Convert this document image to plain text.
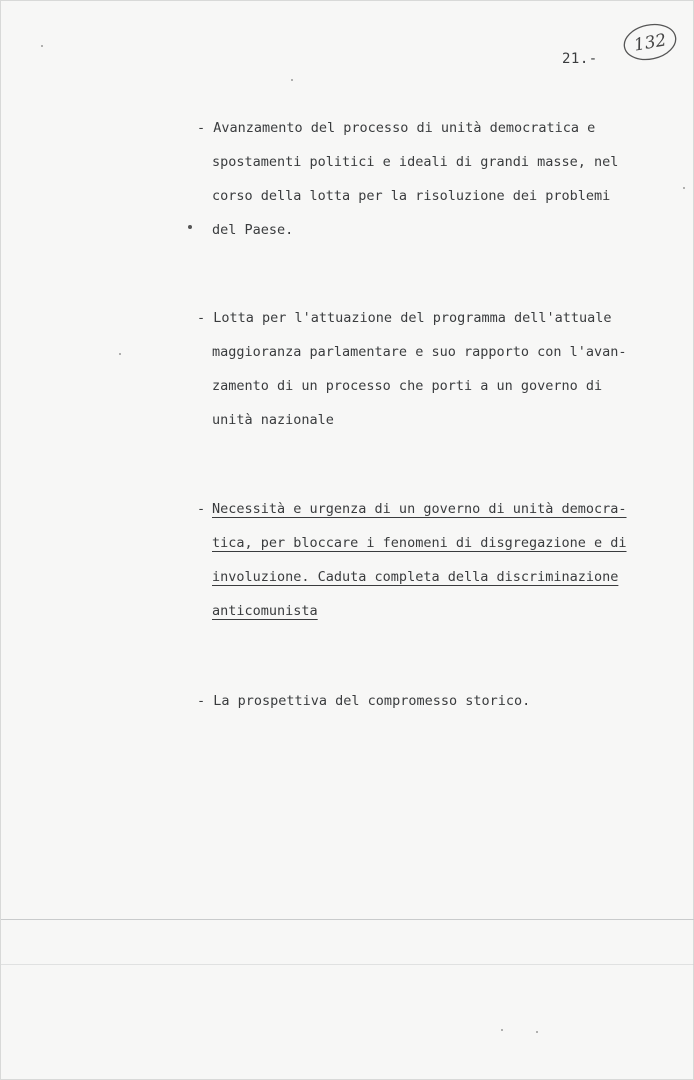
21.-
132
- Avanzamento del processo di unità democratica e
spostamenti politici e ideali di grandi masse, nel
corso della lotta per la risoluzione dei problemi
del Paese.
- Lotta per l'attuazione del programma dell'attuale
maggioranza parlamentare e suo rapporto con l'avan-
zamento di un processo che porti a un governo di
unità nazionale
- Necessità e urgenza di un governo di unità democra-
tica, per bloccare i fenomeni di disgregazione e di
involuzione. Caduta completa della discriminazione
anticomunista
- La prospettiva del compromesso storico.
